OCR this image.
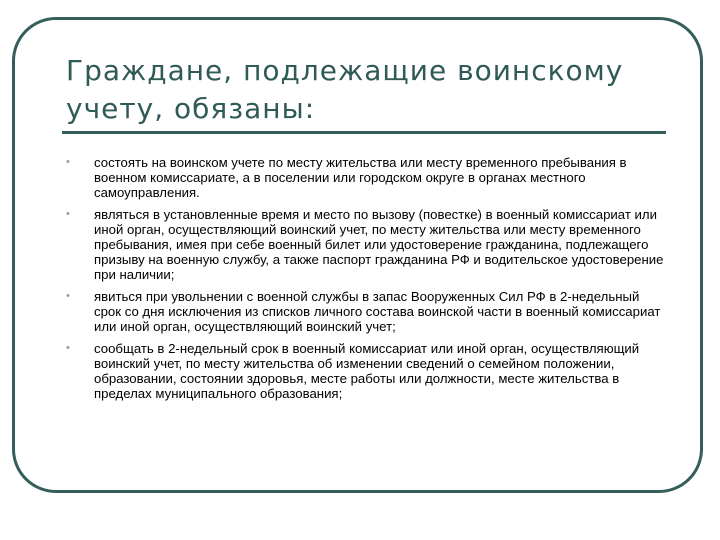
Граждане, подлежащие воинскому учету, обязаны:
• состоять на воинском учете по месту жительства или месту временного пребывания в военном комиссариате, а в поселении или городском округе в органах местного самоуправления.
• являться в установленные время и место по вызову (повестке) в военный комиссариат или иной орган, осуществляющий воинский учет, по месту жительства или месту временного пребывания, имея при себе военный билет или удостоверение гражданина, подлежащего призыву на военную службу, а также паспорт гражданина РФ и водительское удостоверение при наличии;
• явиться при увольнении с военной службы в запас Вооруженных Сил РФ в 2-недельный срок со дня исключения из списков личного состава воинской части в военный комиссариат или иной орган, осуществляющий воинский учет;
• сообщать в 2-недельный срок в военный комиссариат или иной орган, осуществляющий воинский учет, по месту жительства об изменении сведений о семейном положении, образовании, состоянии здоровья, месте работы или должности, месте жительства в пределах муниципального образования;
